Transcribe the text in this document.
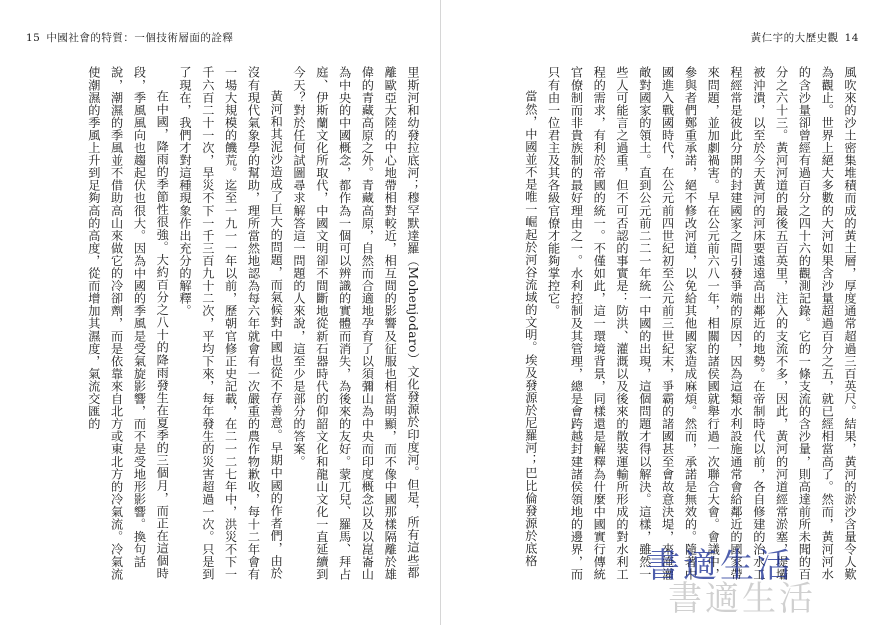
15 中國社會的特質：一個技術層面的詮釋

里斯河和幼發拉底河；穆罕默達羅（Mohenjodaro）文化發源於印度河。但是，所有這些都離歐亞大陸的中心地帶相對較近，相互間的影響及征服也相當明顯，而不像中國那樣隔離於雄偉的青藏高原之外。青藏高原，自然而合適地孕育了以須彌山為中央而印度概念以及以崑崙山為中央的中國概念，都作為一個可以辨識的實體而消失，為後來的友好。蒙兀兒、羅馬、拜占庭、伊斯蘭文化所取代，中國文明卻不間斷地從新石器時代的仰韶文化和龍山文化一直延續到今天？對於任何試圖尋求解答這一問題的人來說，這至少是部分的答案。

黃河和其泥沙造成了巨大的問題，而氣候對中國也從不存善意。早期中國的作者們，由於沒有現代氣象學的幫助，理所當然地認為每六年就會有一次嚴重的農作物歉收，每十二年會有一場大規模的饑荒。迄至一九一一年以前，歷朝官修正史記載，在二一二七年中，洪災不下一千六百二十一次，旱災不下一千三百九十二次，平均下來，每年發生的災害超過一次。只是到了現在，我們才對這種現象作出充分的解釋。

在中國，降雨的季節性很強。大約百分之八十的降雨發生在夏季的三個月，而正在這個時段，季風風向也趨起伏也很大。因為中國的季風是受氣旋影響，而不是受地形影響。換句話說，潮濕的季風並不借助高山來做它的冷卻劑，而是依靠來自北方或東北方的冷氣流。冷氣流使潮濕的季風上升到足夠高的高度，從而增加其濕度，氣流交匯的

黃仁宇的大歷史觀 14

風吹來的沙土密集堆積而成的黃土層，厚度通常超過三百英尺。結果，黃河的淤沙含量令人歎為觀止。世界上絕大多數的大河如果含沙量超過百分之五，就已經相當高了。然而，黃河河水的含沙量卻曾經有過百分之四十六的觀測記錄。它的一條支流的含沙量，則高達前所未聞的百分之六十三。黃河河道的最後五百英里，注入的支流不多，因此，黃河的河道經常淤塞，堤壩被沖潰，以至於今天黃河的河床要遠遠高出鄰近的地勢。在帝制時代以前，各自修建的治水工程經常是彼此分開的封建國家之間引發爭端的原因，因為這類水利設施通常會給鄰近的國家帶來問題，並加劇禍害。早在公元前六八一年，相關的諸侯國就舉行過一次聯合大會。會議中，參與者們鄭重承諾，絕不修改河道，以免給其他國家造成麻煩。然而，承諾是無效的。隨著中國進入戰國時代，在公元前四世紀初至公元前三世紀末，爭霸的諸國甚至會故意決堤，來淹灌敵對國家的領土。直到公元前二二一年統一中國的出現，這個問題才得以解決。這樣，雖然一些人可能言之過重，但不可否認的事實是：防洪、灌溉以及後來的散裝運輸所形成的對水利工程的需求，有利於帝國的統一。不僅如此，這一環境背景，同樣還是解釋為什麼中國實行傳統官僚制而非貴族制的最好理由之一。水利控制及其管理，總是會跨越封建諸侯領地的邊界，而只有由一位君主及其各級官僚才能夠掌控它。

當然，中國並不是唯一崛起於河谷流域的文明。埃及發源於尼羅河；巴比倫發源於底格

書適生活
書適生活
